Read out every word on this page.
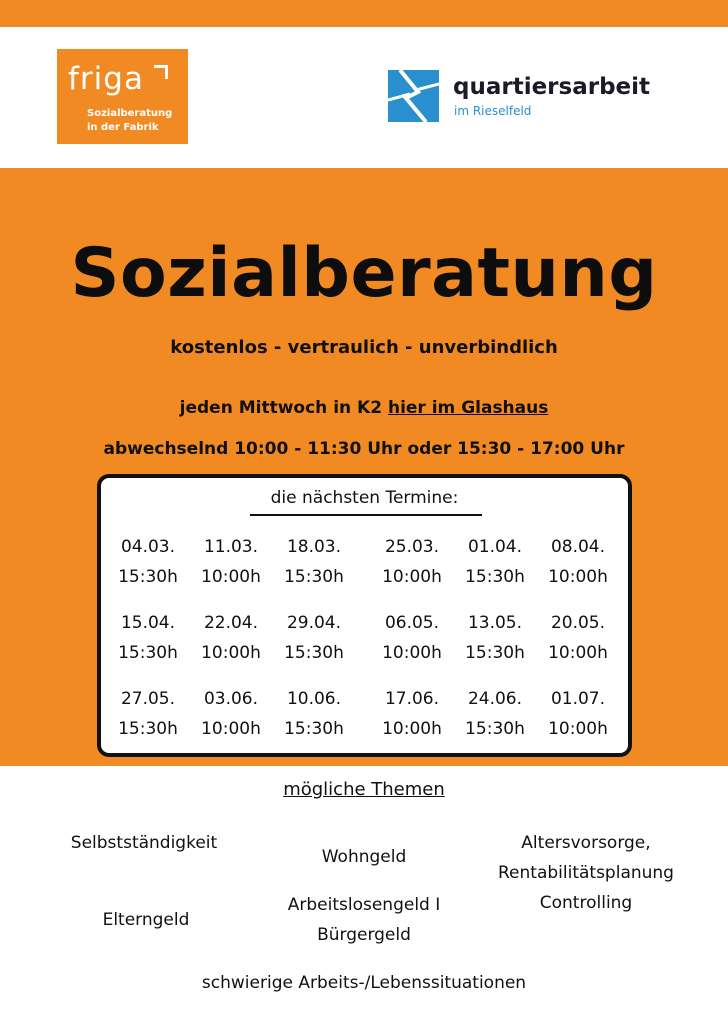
friga
Sozialberatung
in der Fabrik
quartiersarbeit
im Rieselfeld
Sozialberatung
kostenlos - vertraulich - unverbindlich
jeden Mittwoch in K2 hier im Glashaus
abwechselnd 10:00 - 11:30 Uhr oder 15:30 - 17:00 Uhr
die nächsten Termine:
04.03.
15:30h
11.03.
10:00h
18.03.
15:30h
25.03.
10:00h
01.04.
15:30h
08.04.
10:00h
15.04.
15:30h
22.04.
10:00h
29.04.
15:30h
06.05.
10:00h
13.05.
15:30h
20.05.
10:00h
27.05.
15:30h
03.06.
10:00h
10.06.
15:30h
17.06.
10:00h
24.06.
15:30h
01.07.
10:00h
mögliche Themen
Selbstständigkeit
Wohngeld
Altersvorsorge,
Rentabilitätsplanung
Controlling
Elterngeld
Arbeitslosengeld I
Bürgergeld
schwierige Arbeits-/Lebenssituationen
